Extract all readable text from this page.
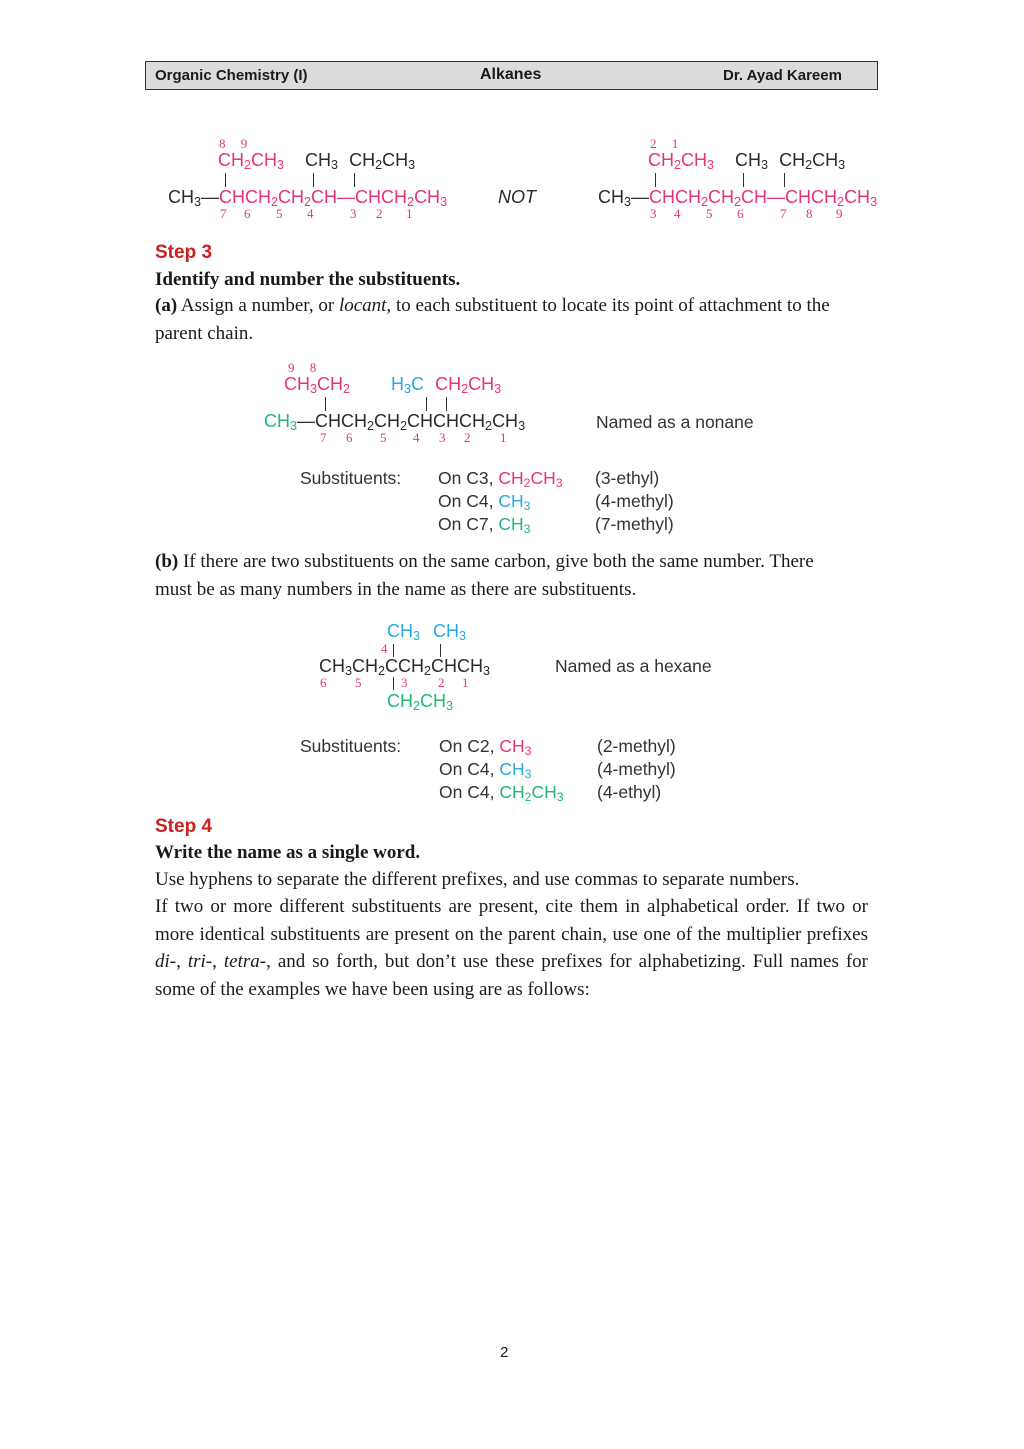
Organic Chemistry (I)	Alkanes	Dr. Ayad Kareem
8 9
$CH_2CH_3$ $CH_3$ $CH_2CH_3$
$CH_3—CHCH_2CH_2CH—CHCH_2CH_3$
7 6 5 4	3 2 1
NOT
2 1
$CH_2CH_3$ $CH_3$ $CH_2CH_3$
$CH_3—CHCH_2CH_2CH—CHCH_2CH_3$
3 4 5 6	7 8 9
Step 3
Identify and number the substituents.
(a) Assign a number, or locant, to each substituent to locate its point of attachment to the parent chain.
9 8
$CH_3CH_2$ $H_3C$ $CH_2CH_3$
$CH_3—CHCH_2CH_2CHCHCH_2CH_3$
7 6 5 4 3 2 1
Named as a nonane
Substituents: On C3, $CH_2CH_3$ (3-ethyl)
On C4, $CH_3$	(4-methyl)
On C7, $CH_3$	(7-methyl)
(b) If there are two substituents on the same carbon, give both the same number. There must be as many numbers in the name as there are substituents.
$CH_3$ $CH_3$
4
$CH_3CH_2CCH_2CHCH_3$
3
6 5	2 1
$CH_2CH_3$
Named as a hexane
Substituents: On C2, $CH_3$	(2-methyl)
On C4, $CH_3$	(4-methyl)
On C4, $CH_2CH_3$ (4-ethyl)
Step 4
Write the name as a single word.
Use hyphens to separate the different prefixes, and use commas to separate numbers.
If two or more different substituents are present, cite them in alphabetical order. If two or more identical substituents are present on the parent chain, use one of the multiplier prefixes di-, tri-, tetra-, and so forth, but don’t use these prefixes for alphabetizing. Full names for some of the examples we have been using are as follows:
2
